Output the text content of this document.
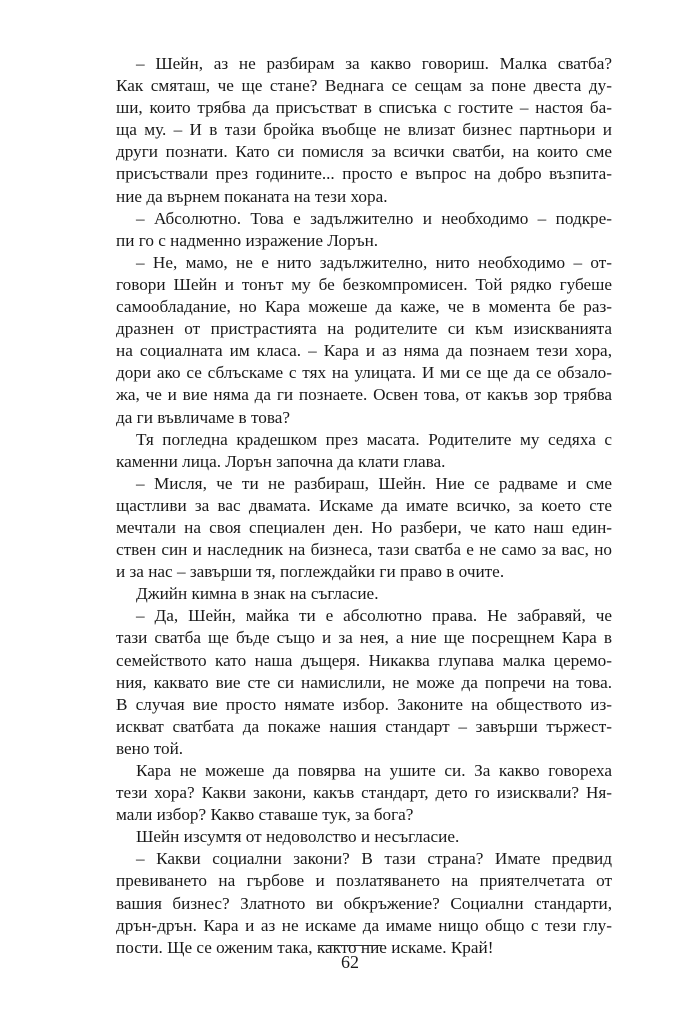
– Шейн, аз не разбирам за какво говориш. Малка сватба?
Как смяташ, че ще стане? Веднага се сещам за поне двеста ду-
ши, които трябва да присъстват в списъка с гостите – настоя ба-
ща му. – И в тази бройка въобще не влизат бизнес партньори и
други познати. Като си помисля за всички сватби, на които сме
присъствали през годините... просто е въпрос на добро възпита-
ние да върнем поканата на тези хора.
– Абсолютно. Това е задължително и необходимо – подкре-
пи го с надменно изражение Лорън.
– Не, мамо, не е нито задължително, нито необходимо – от-
говори Шейн и тонът му бе безкомпромисен. Той рядко губеше
самообладание, но Кара можеше да каже, че в момента бе раз-
дразнен от пристрастията на родителите си към изискванията
на социалната им класа. – Кара и аз няма да познаем тези хора,
дори ако се сблъскаме с тях на улицата. И ми се ще да се обзало-
жа, че и вие няма да ги познаете. Освен това, от какъв зор трябва
да ги въвличаме в това?
Тя погледна крадешком през масата. Родителите му седяха с
каменни лица. Лорън започна да клати глава.
– Мисля, че ти не разбираш, Шейн. Ние се радваме и сме
щастливи за вас двамата. Искаме да имате всичко, за което сте
мечтали на своя специален ден. Но разбери, че като наш един-
ствен син и наследник на бизнеса, тази сватба е не само за вас, но
и за нас – завърши тя, поглеждайки ги право в очите.
Джийн кимна в знак на съгласие.
– Да, Шейн, майка ти е абсолютно права. Не забравяй, че
тази сватба ще бъде също и за нея, а ние ще посрещнем Кара в
семейството като наша дъщеря. Никаква глупава малка церемо-
ния, каквато вие сте си намислили, не може да попречи на това.
В случая вие просто нямате избор. Законите на обществото из-
искват сватбата да покаже нашия стандарт – завърши тържест-
вено той.
Кара не можеше да повярва на ушите си. За какво говореха
тези хора? Какви закони, какъв стандарт, дето го изисквали? Ня-
мали избор? Какво ставаше тук, за бога?
Шейн изсумтя от недоволство и несъгласие.
– Какви социални закони? В тази страна? Имате предвид
превиването на гърбове и позлатяването на приятелчетата от
вашия бизнес? Златното ви обкръжение? Социални стандарти,
дрън-дрън. Кара и аз не искаме да имаме нищо общо с тези глу-
пости. Ще се оженим така, както ние искаме. Край!
62
